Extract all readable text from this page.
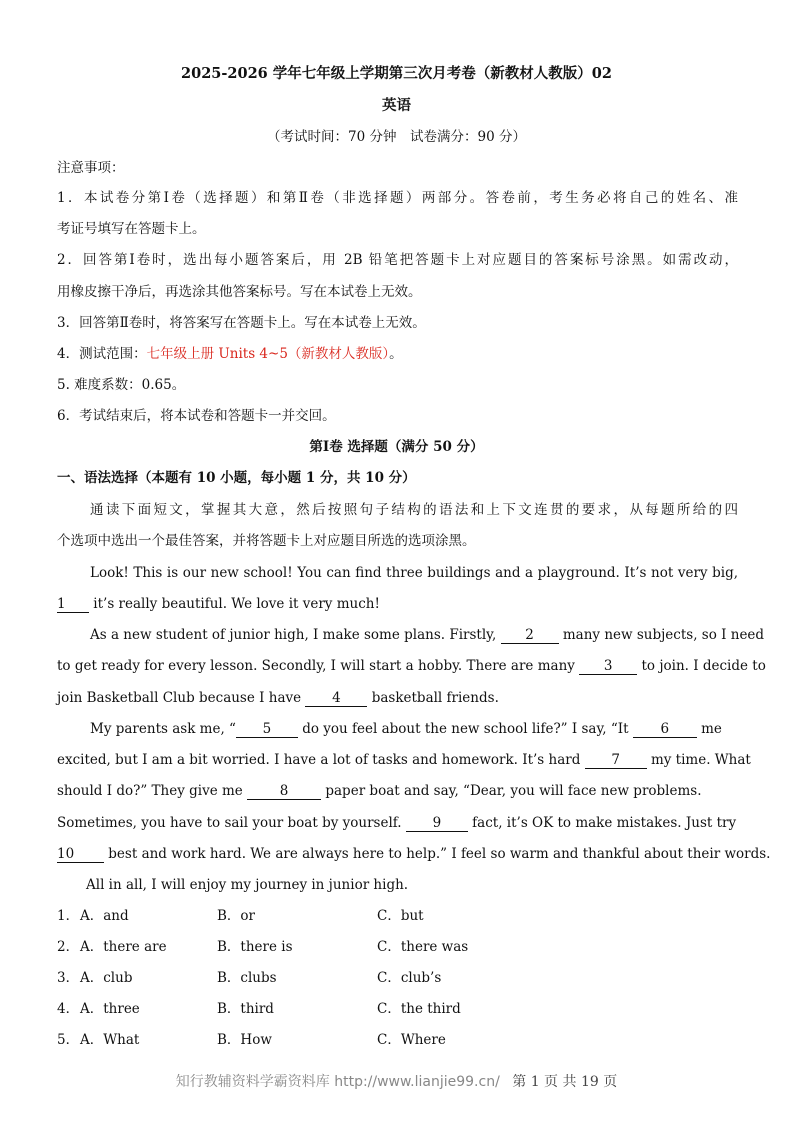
2025-2026 学年七年级上学期第三次月考卷（新教材人教版）02
英语
（考试时间：70 分钟　试卷满分：90 分）
注意事项：
1．本试卷分第Ⅰ卷（选择题）和第Ⅱ卷（非选择题）两部分。答卷前，考生务必将自己的姓名、准
考证号填写在答题卡上。
2．回答第Ⅰ卷时，选出每小题答案后，用 2B 铅笔把答题卡上对应题目的答案标号涂黑。如需改动，
用橡皮擦干净后，再选涂其他答案标号。写在本试卷上无效。
3．回答第Ⅱ卷时，将答案写在答题卡上。写在本试卷上无效。
4．测试范围：七年级上册 Units 4~5（新教材人教版）。
5. 难度系数：0.65。
6．考试结束后，将本试卷和答题卡一并交回。
第Ⅰ卷 选择题（满分 50 分）
一、语法选择（本题有 10 小题，每小题 1 分，共 10 分）
通读下面短文，掌握其大意，然后按照句子结构的语法和上下文连贯的要求，从每题所给的四
个选项中选出一个最佳答案，并将答题卡上对应题目所选的选项涂黑。
Look! This is our new school! You can find three buildings and a playground. It’s not very big,
1 it’s really beautiful. We love it very much!
As a new student of junior high, I make some plans. Firstly, 2 many new subjects, so I need
to get ready for every lesson. Secondly, I will start a hobby. There are many 3 to join. I decide to
join Basketball Club because I have 4 basketball friends.
My parents ask me, “ 5 do you feel about the new school life?” I say, “It 6 me
excited, but I am a bit worried. I have a lot of tasks and homework. It’s hard 7 my time. What
should I do?” They give me 8 paper boat and say, “Dear, you will face new problems.
Sometimes, you have to sail your boat by yourself. 9 fact, it’s OK to make mistakes. Just try
10 best and work hard. We are always here to help.” I feel so warm and thankful about their words.
All in all, I will enjoy my journey in junior high.
1． A．and	B．or	C．but
2． A．there are	B．there is	C．there was
3． A．club	B．clubs	C．club’s
4． A．three	B．third	C．the third
5． A．What	B．How	C．Where
知行教辅资料学霸资料库 http://www.lianjie99.cn/ 第 1 页 共 19 页
